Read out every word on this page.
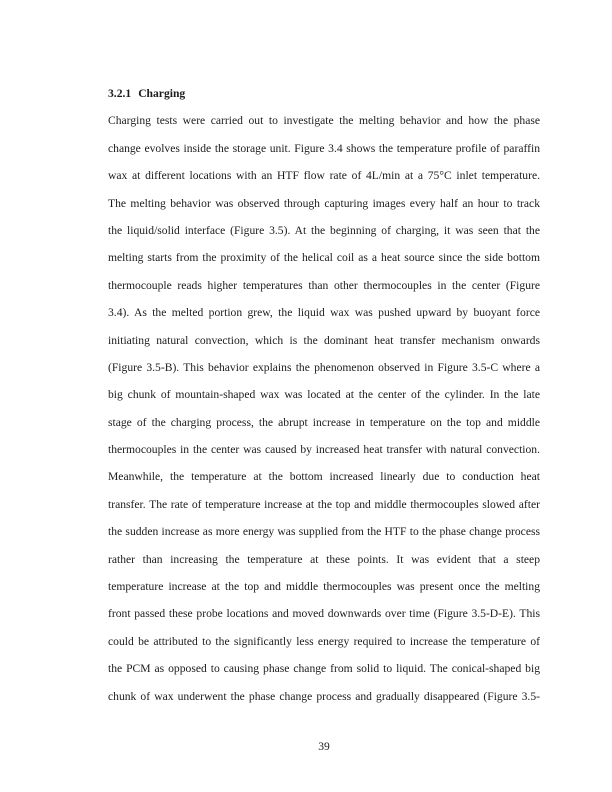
3.2.1 Charging
Charging tests were carried out to investigate the melting behavior and how the phase
change evolves inside the storage unit. Figure 3.4 shows the temperature profile of paraffin
wax at different locations with an HTF flow rate of 4L/min at a 75°C inlet temperature.
The melting behavior was observed through capturing images every half an hour to track
the liquid/solid interface (Figure 3.5). At the beginning of charging, it was seen that the
melting starts from the proximity of the helical coil as a heat source since the side bottom
thermocouple reads higher temperatures than other thermocouples in the center (Figure
3.4). As the melted portion grew, the liquid wax was pushed upward by buoyant force
initiating natural convection, which is the dominant heat transfer mechanism onwards
(Figure 3.5-B). This behavior explains the phenomenon observed in Figure 3.5-C where a
big chunk of mountain-shaped wax was located at the center of the cylinder. In the late
stage of the charging process, the abrupt increase in temperature on the top and middle
thermocouples in the center was caused by increased heat transfer with natural convection.
Meanwhile, the temperature at the bottom increased linearly due to conduction heat
transfer. The rate of temperature increase at the top and middle thermocouples slowed after
the sudden increase as more energy was supplied from the HTF to the phase change process
rather than increasing the temperature at these points. It was evident that a steep
temperature increase at the top and middle thermocouples was present once the melting
front passed these probe locations and moved downwards over time (Figure 3.5-D-E). This
could be attributed to the significantly less energy required to increase the temperature of
the PCM as opposed to causing phase change from solid to liquid. The conical-shaped big
chunk of wax underwent the phase change process and gradually disappeared (Figure 3.5-
39
